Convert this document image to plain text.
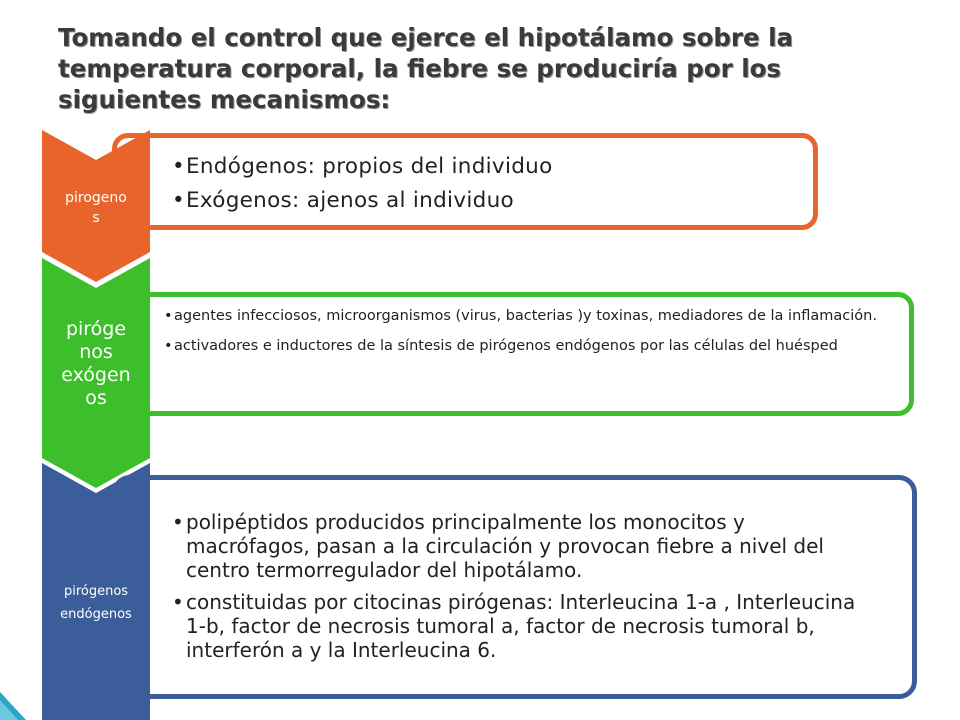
Tomando el control que ejerce el hipotálamo sobre la
temperatura corporal, la fiebre se produciría por los
siguientes mecanismos:
• Endógenos: propios del individuo
• Exógenos: ajenos al individuo
pirogeno
s
• agentes infecciosos, microorganismos (virus, bacterias )y toxinas, mediadores de la inflamación.
• activadores e inductores de la síntesis de pirógenos endógenos por las células del huésped
piróge
nos
exógen
os
• polipéptidos producidos principalmente los monocitos y macrófagos, pasan a la circulación y provocan fiebre a nivel del centro termorregulador del hipotálamo.
• constituidas por citocinas pirógenas: Interleucina 1-a , Interleucina 1-b, factor de necrosis tumoral a, factor de necrosis tumoral b, interferón a y la Interleucina 6.
pirógenos
endógenos
